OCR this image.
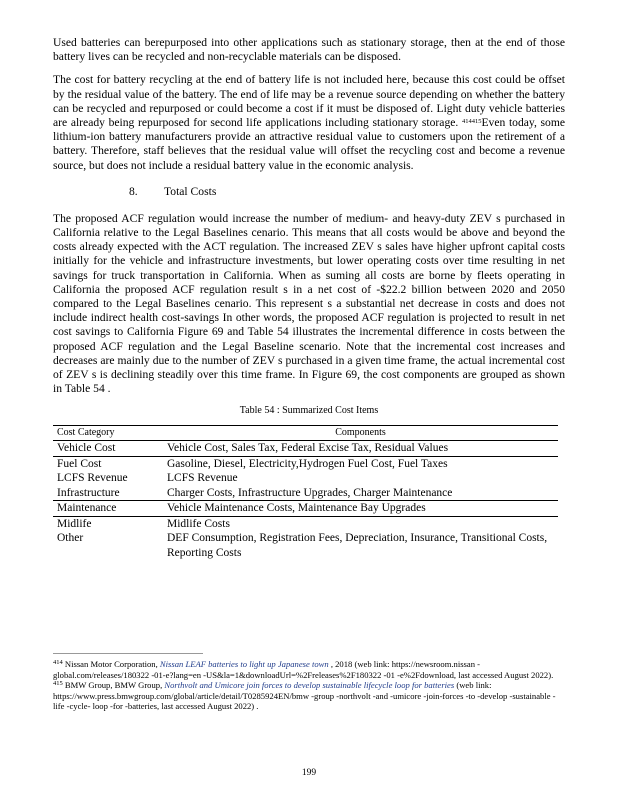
Used batteries can berepurposed into other applications such as stationary storage, then at the end of those battery lives can be recycled and non-recyclable materials can be disposed.

The cost for battery recycling at the end of battery life is not included here, because this cost could be offset by the residual value of the battery. The end of life may be a revenue source depending on whether the battery can be recycled and repurposed or could become a cost if it must be disposed of. Light duty vehicle batteries are already being repurposed for second life applications including stationary storage. $^{414415}$Even today, some lithium-ion battery manufacturers provide an attractive residual value to customers upon the retirement of a battery. Therefore, staff believes that the residual value will offset the recycling cost and become a revenue source, but does not include a residual battery value in the economic analysis.

8. Total Costs

The proposed ACF regulation would increase the number of medium- and heavy-duty ZEV s purchased in California relative to the Legal Baselines cenario. This means that all costs would be above and beyond the costs already expected with the ACT regulation. The increased ZEV s sales have higher upfront capital costs initially for the vehicle and infrastructure investments, but lower operating costs over time resulting in net savings for truck transportation in California. When as suming all costs are borne by fleets operating in California the proposed ACF regulation result s in a net cost of -$22.2 billion between 2020 and 2050 compared to the Legal Baselines cenario. This represent s a substantial net decrease in costs and does not include indirect health cost-savings In other words, the proposed ACF regulation is projected to result in net cost savings to California Figure 69 and Table 54 illustrates the incremental difference in costs between the proposed ACF regulation and the Legal Baseline scenario. Note that the incremental cost increases and decreases are mainly due to the number of ZEV s purchased in a given time frame, the actual incremental cost of ZEV s is declining steadily over this time frame. In Figure 69, the cost components are grouped as shown in Table 54 .

Table 54 : Summarized Cost Items
Cost Category	Components
Vehicle Cost	Vehicle Cost, Sales Tax, Federal Excise Tax, Residual Values
Fuel Cost	Gasoline, Diesel, Electricity,Hydrogen Fuel Cost, Fuel Taxes
LCFS Revenue	LCFS Revenue
Infrastructure	Charger Costs, Infrastructure Upgrades, Charger Maintenance
Maintenance	Vehicle Maintenance Costs, Maintenance Bay Upgrades
Midlife	Midlife Costs
Other	DEF Consumption, Registration Fees, Depreciation, Insurance, Transitional Costs, Reporting Costs
$^{414}$ Nissan Motor Corporation, Nissan LEAF batteries to light up Japanese town , 2018 (web link: https://newsroom.nissan -global.com/releases/180322 -01-e?lang=en -US&la=1&downloadUrl=%2Freleases%2F180322 -01 -e%2Fdownload, last accessed August 2022).
$^{415}$ BMW Group, BMW Group, Northvolt and Umicore join forces to develop sustainable lifecycle loop for batteries (web link: https://www.press.bmwgroup.com/global/article/detail/T0285924EN/bmw -group -northvolt -and -umicore -join-forces -to -develop -sustainable -life -cycle- loop -for -batteries, last accessed August 2022) .
199
